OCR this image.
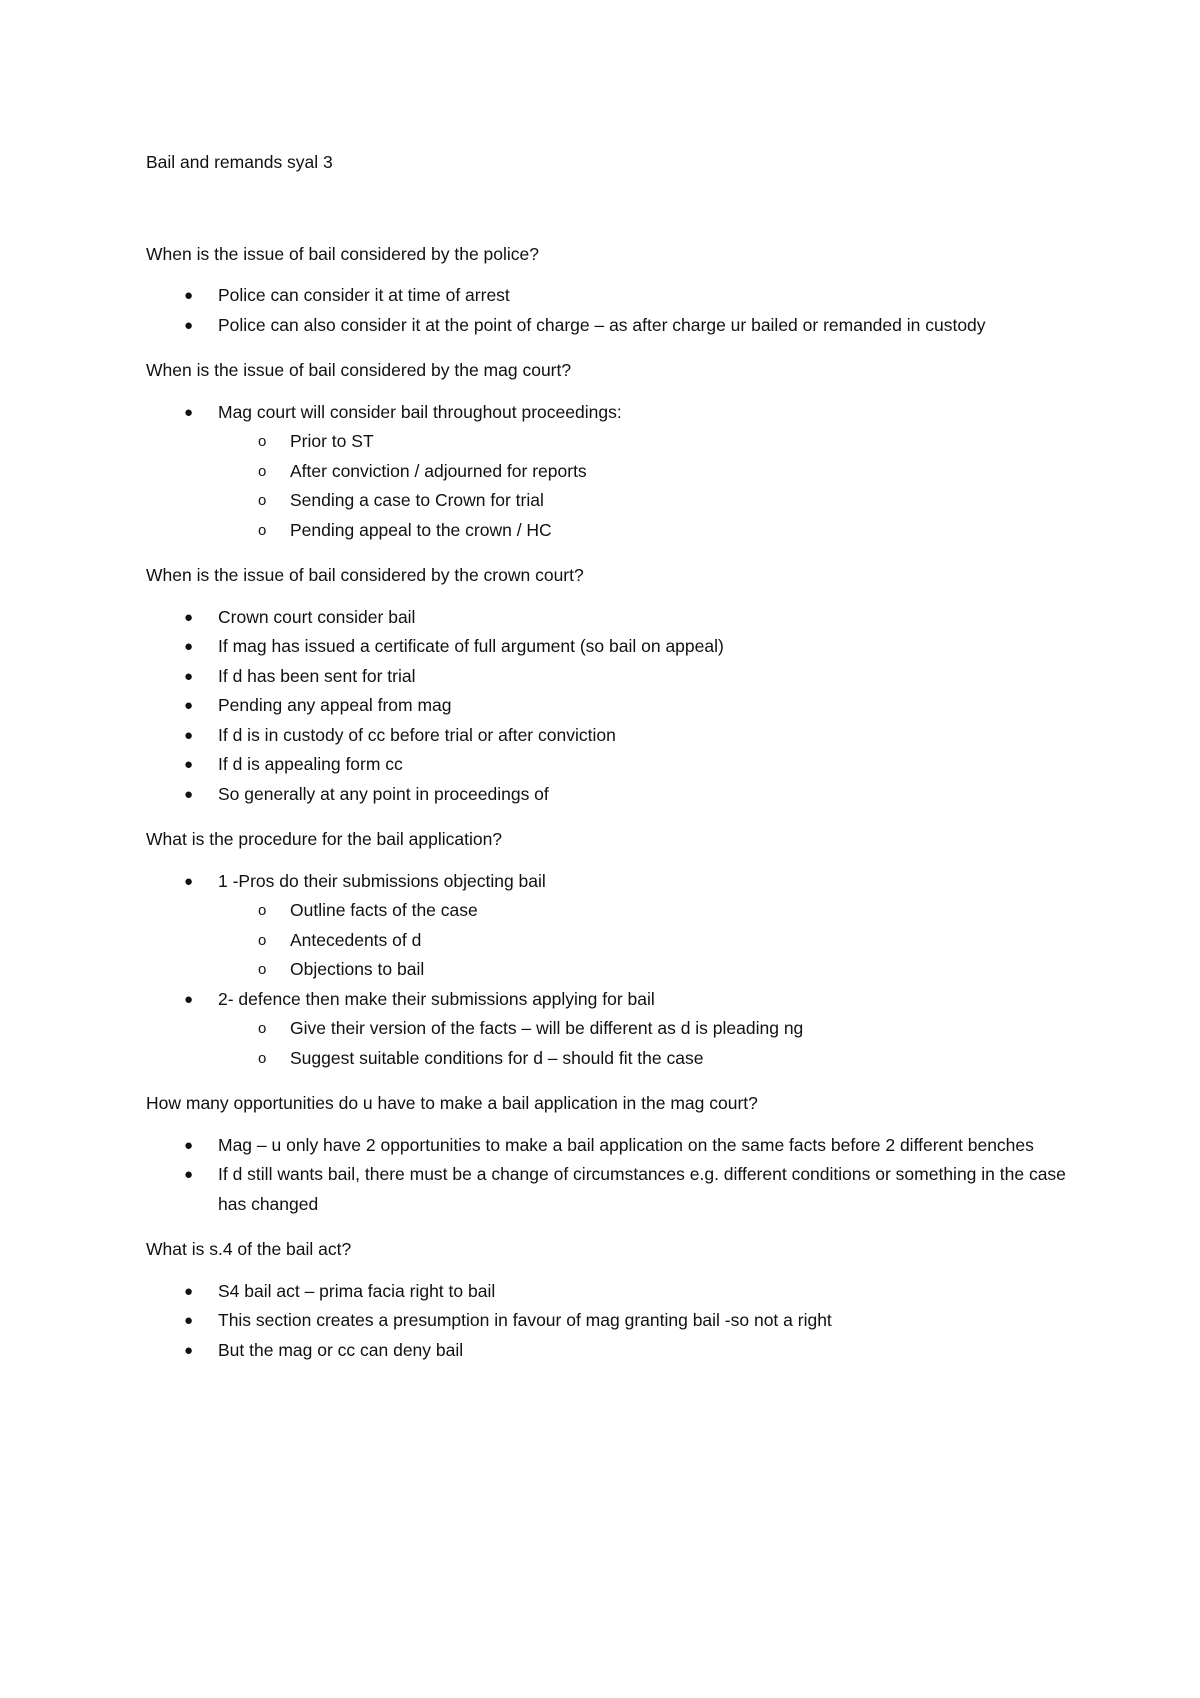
Bail and remands syal 3

When is the issue of bail considered by the police?

● Police can consider it at time of arrest
● Police can also consider it at the point of charge – as after charge ur bailed or remanded in custody

When is the issue of bail considered by the mag court?

● Mag court will consider bail throughout proceedings:
o Prior to ST
o After conviction / adjourned for reports
o Sending a case to Crown for trial
o Pending appeal to the crown / HC

When is the issue of bail considered by the crown court?

● Crown court consider bail
● If mag has issued a certificate of full argument (so bail on appeal)
● If d has been sent for trial
● Pending any appeal from mag
● If d is in custody of cc before trial or after conviction
● If d is appealing form cc
● So generally at any point in proceedings of

What is the procedure for the bail application?

● 1 -Pros do their submissions objecting bail
o Outline facts of the case
o Antecedents of d
o Objections to bail
● 2- defence then make their submissions applying for bail
o Give their version of the facts – will be different as d is pleading ng
o Suggest suitable conditions for d – should fit the case

How many opportunities do u have to make a bail application in the mag court?

● Mag – u only have 2 opportunities to make a bail application on the same facts before 2 different benches
● If d still wants bail, there must be a change of circumstances e.g. different conditions or something in the case has changed

What is s.4 of the bail act?

● S4 bail act – prima facia right to bail
● This section creates a presumption in favour of mag granting bail -so not a right
● But the mag or cc can deny bail
